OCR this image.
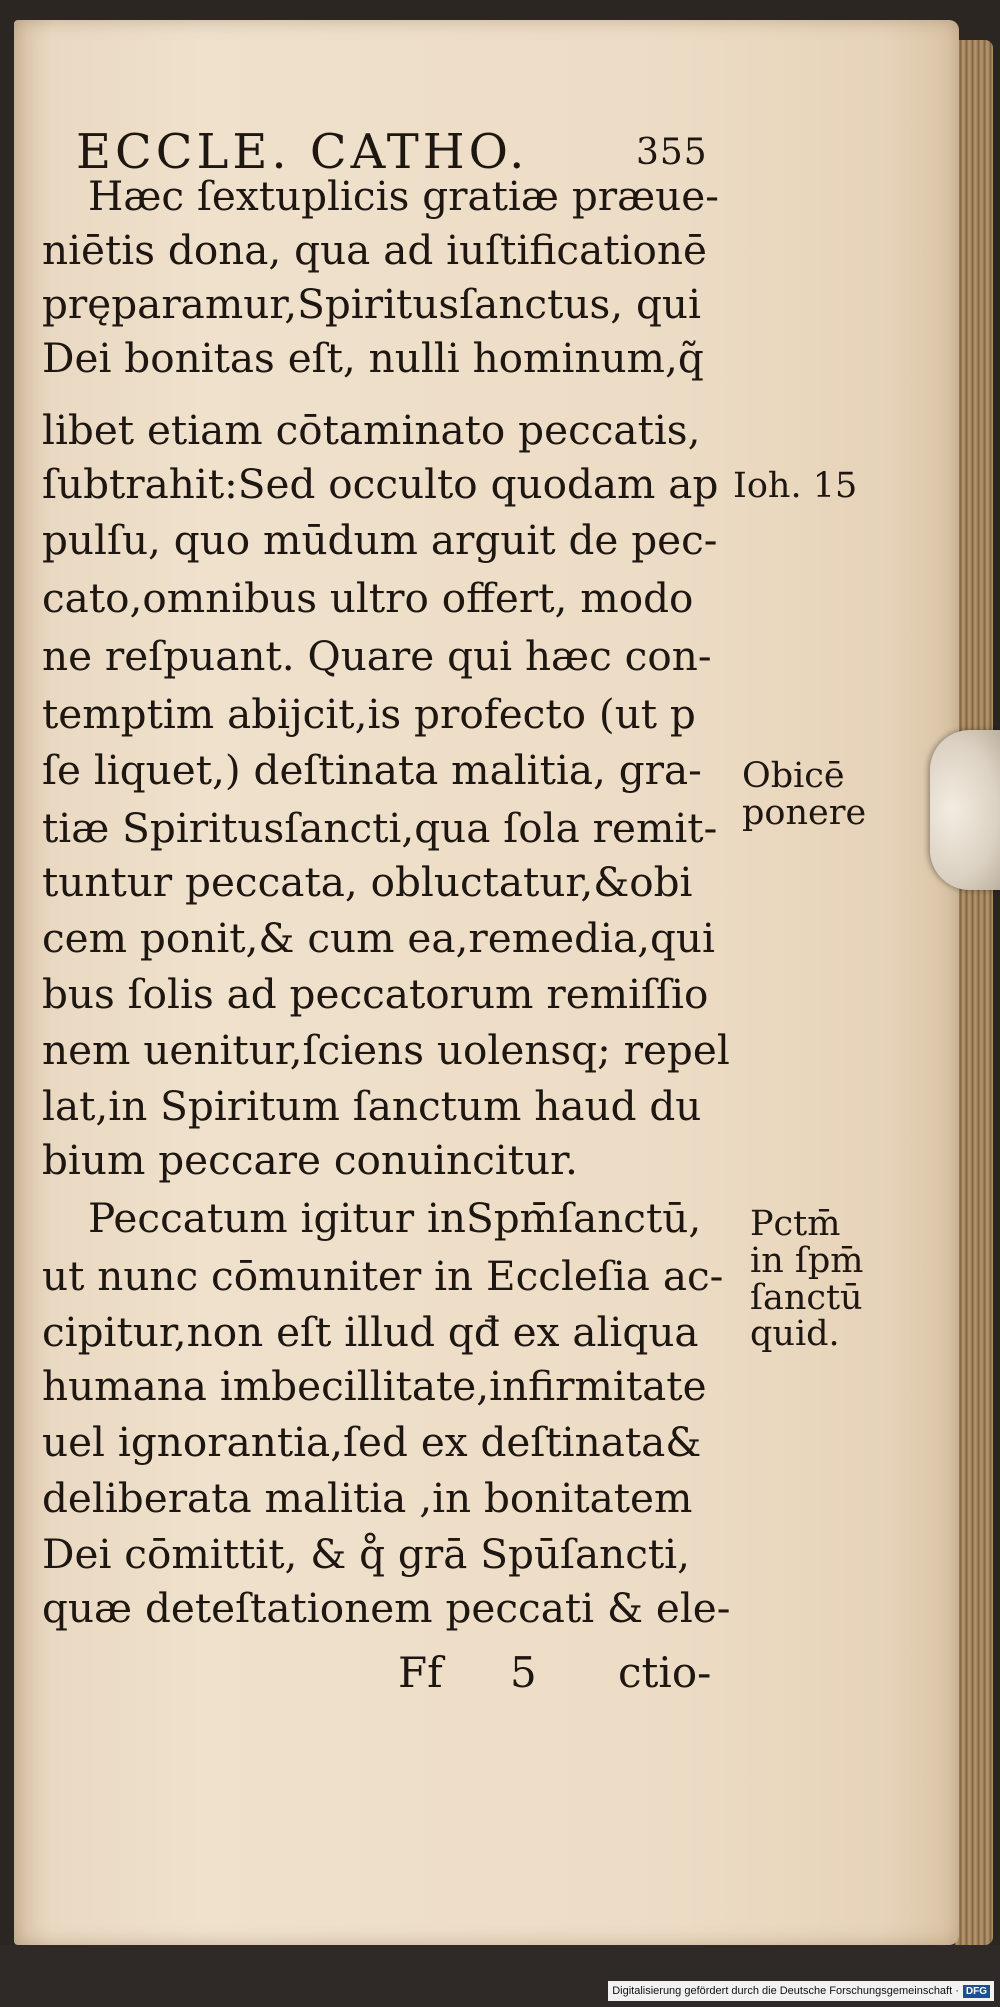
ECCLE. CATHO.	355
Hæc ſextuplicis gratiæ præue-
niētis dona, qua ad iuſtificationē
pręparamur,Spiritusſanctus, qui
Dei bonitas eſt, nulli hominum,q̃
libet etiam cōtaminato peccatis,
ſubtrahit:Sed occulto quodam ap
pulſu, quo mūdum arguit de pec-
cato,omnibus ultro offert, modo
ne reſpuant. Quare qui hæc con-
temptim abijcit,is profecto (ut p
ſe liquet,) deſtinata malitia, gra-
tiæ Spiritusſancti,qua ſola remit-
tuntur peccata, obluctatur,&obi
cem ponit,& cum ea,remedia,qui
bus ſolis ad peccatorum remiſſio
nem uenitur,ſciens uolensq; repel
lat,in Spiritum ſanctum haud du
bium peccare conuincitur.
Peccatum igitur inSpm̄ſanctū,
ut nunc cōmuniter in Eccleſia ac-
cipitur,non eſt illud qđ ex aliqua
humana imbecillitate,infirmitate
uel ignorantia,ſed ex deſtinata&
deliberata malitia ,in bonitatem
Dei cōmittit, & q̊ grā Spūſancti,
quæ deteſtationem peccati & ele-
Ioh. 15
Obicē
ponere
Pctm̄
in ſpm̄
ſanctū
quid.
Ff 5 ctio-
Digitalisierung gefördert durch die Deutsche Forschungsgemeinschaft · DFG
